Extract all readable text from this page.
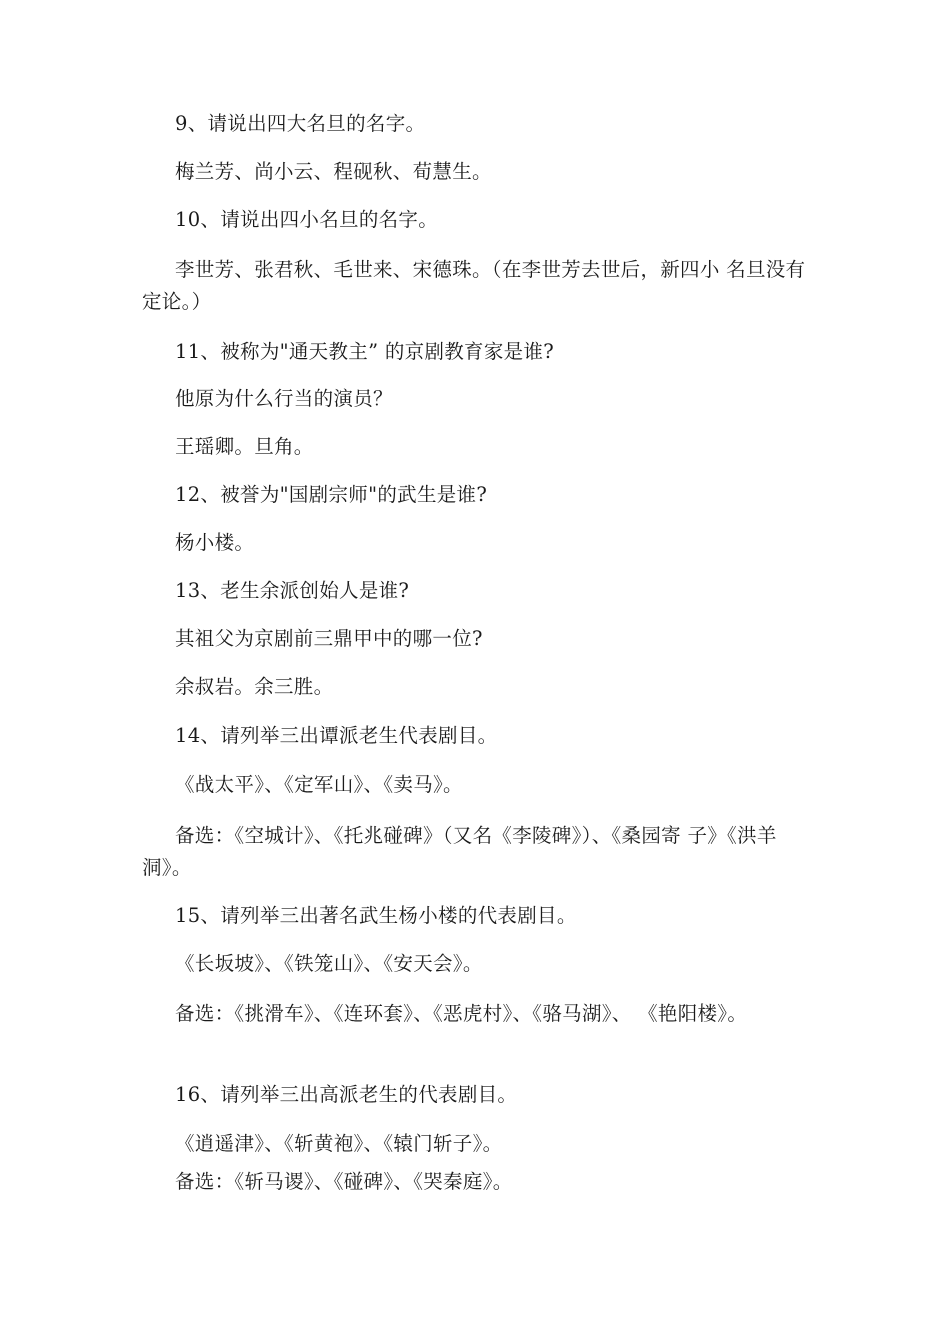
9、请说出四大名旦的名字。
梅兰芳、尚小云、程砚秋、荀慧生。
10、请说出四小名旦的名字。
李世芳、张君秋、毛世来、宋德珠。（在李世芳去世后，新四小 名旦没有定论。）
11、被称为"通天教主” 的京剧教育家是谁?
他原为什么行当的演员？
王瑶卿。旦角。
12、被誉为"国剧宗师"的武生是谁?
杨小楼。
13、老生余派创始人是谁?
其祖父为京剧前三鼎甲中的哪一位?
余叔岩。余三胜。
14、请列举三出谭派老生代表剧目。
《战太平》、《定军山》、《卖马》。
备选：《空城计》、《托兆碰碑》（又名《李陵碑》）、《桑园寄 子》《洪羊洞》。
15、请列举三出著名武生杨小楼的代表剧目。
《长坂坡》、《铁笼山》、《安天会》。
备选：《挑滑车》、《连环套》、《恶虎村》、《骆马湖》、 《艳阳楼》。
16、请列举三出高派老生的代表剧目。
《逍遥津》、《斩黄袍》、《辕门斩子》。
备选：《斩马谡》、《碰碑》、《哭秦庭》。
